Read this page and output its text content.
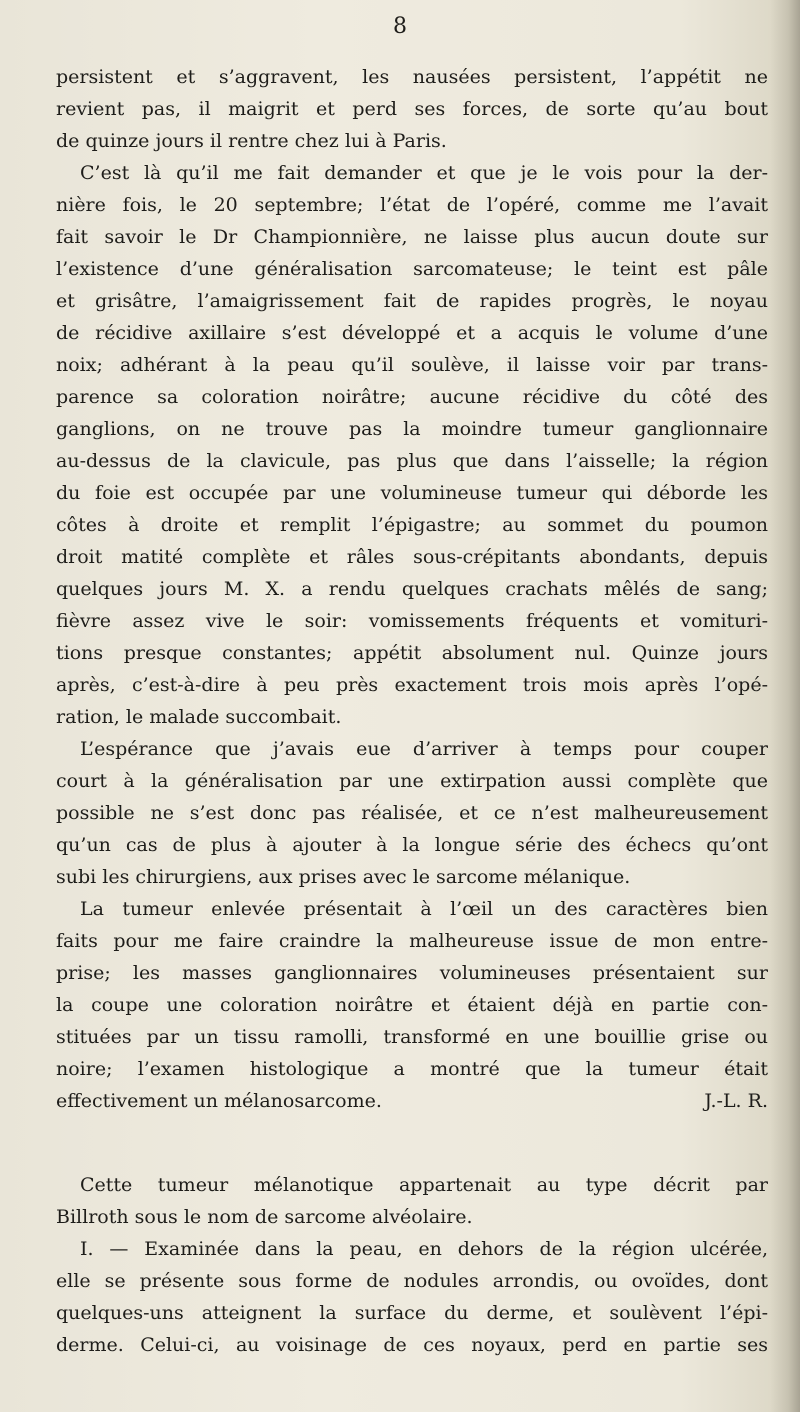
8
persistent et s’aggravent, les nausées persistent, l’appétit ne
revient pas, il maigrit et perd ses forces, de sorte qu’au bout
de quinze jours il rentre chez lui à Paris.
C’est là qu’il me fait demander et que je le vois pour la der-
nière fois, le 20 septembre; l’état de l’opéré, comme me l’avait
fait savoir le Dr Championnière, ne laisse plus aucun doute sur
l’existence d’une généralisation sarcomateuse; le teint est pâle
et grisâtre, l’amaigrissement fait de rapides progrès, le noyau
de récidive axillaire s’est développé et a acquis le volume d’une
noix; adhérant à la peau qu’il soulève, il laisse voir par trans-
parence sa coloration noirâtre; aucune récidive du côté des
ganglions, on ne trouve pas la moindre tumeur ganglionnaire
au-dessus de la clavicule, pas plus que dans l’aisselle; la région
du foie est occupée par une volumineuse tumeur qui déborde les
côtes à droite et remplit l’épigastre; au sommet du poumon
droit matité complète et râles sous-crépitants abondants, depuis
quelques jours M. X. a rendu quelques crachats mêlés de sang;
fièvre assez vive le soir: vomissements fréquents et vomituri-
tions presque constantes; appétit absolument nul. Quinze jours
après, c’est-à-dire à peu près exactement trois mois après l’opé-
ration, le malade succombait.
L’espérance que j’avais eue d’arriver à temps pour couper
court à la généralisation par une extirpation aussi complète que
possible ne s’est donc pas réalisée, et ce n’est malheureusement
qu’un cas de plus à ajouter à la longue série des échecs qu’ont
subi les chirurgiens, aux prises avec le sarcome mélanique.
La tumeur enlevée présentait à l’œil un des caractères bien
faits pour me faire craindre la malheureuse issue de mon entre-
prise; les masses ganglionnaires volumineuses présentaient sur
la coupe une coloration noirâtre et étaient déjà en partie con-
stituées par un tissu ramolli, transformé en une bouillie grise ou
noire; l’examen histologique a montré que la tumeur était
effectivement un mélanosarcome.	J.-L. R.
Cette tumeur mélanotique appartenait au type décrit par
Billroth sous le nom de sarcome alvéolaire.
I. — Examinée dans la peau, en dehors de la région ulcérée,
elle se présente sous forme de nodules arrondis, ou ovoïdes, dont
quelques-uns atteignent la surface du derme, et soulèvent l’épi-
derme. Celui-ci, au voisinage de ces noyaux, perd en partie ses
